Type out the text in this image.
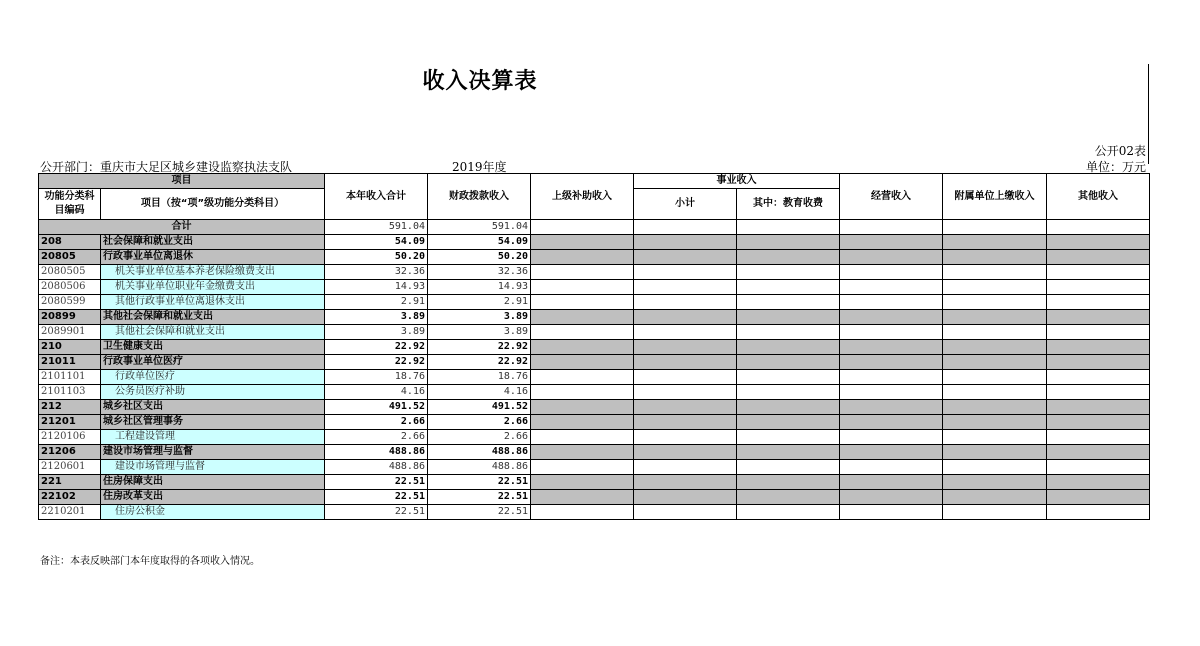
收入决算表
公开02表
单位：万元
公开部门：重庆市大足区城乡建设监察执法支队	2019年度
项目		本年收入合计	财政拨款收入	上级补助收入	事业收入		经营收入	附属单位上缴收入	其他收入
功能分类科目编码	项目（按“项”级功能分类科目）								
					小计	其中：教育收费			
合计		591.04	591.04						
208	社会保障和就业支出	54.09	54.09						
20805	行政事业单位离退休	50.20	50.20						
2080505	机关事业单位基本养老保险缴费支出	32.36	32.36						
2080506	机关事业单位职业年金缴费支出	14.93	14.93						
2080599	其他行政事业单位离退休支出	2.91	2.91						
20899	其他社会保障和就业支出	3.89	3.89						
2089901	其他社会保障和就业支出	3.89	3.89						
210	卫生健康支出	22.92	22.92						
21011	行政事业单位医疗	22.92	22.92						
2101101	行政单位医疗	18.76	18.76						
2101103	公务员医疗补助	4.16	4.16						
212	城乡社区支出	491.52	491.52						
21201	城乡社区管理事务	2.66	2.66						
2120106	工程建设管理	2.66	2.66						
21206	建设市场管理与监督	488.86	488.86						
2120601	建设市场管理与监督	488.86	488.86						
221	住房保障支出	22.51	22.51						
22102	住房改革支出	22.51	22.51						
2210201	住房公积金	22.51	22.51						
备注：本表反映部门本年度取得的各项收入情况。
